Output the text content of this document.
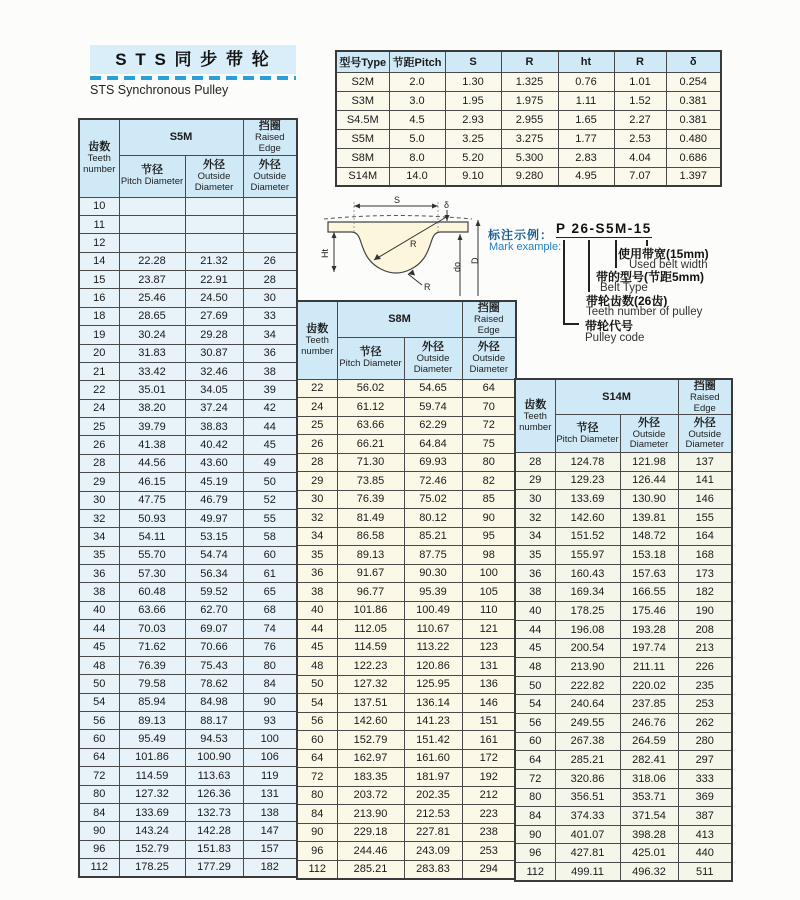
S T S 同 步 带 轮
STS Synchronous Pulley
型号Type	节距Pitch	S	R	ht	R	δ
S2M	2.0	1.30	1.325	0.76	1.01	0.254
S3M	3.0	1.95	1.975	1.11	1.52	0.381
S4.5M	4.5	2.93	2.955	1.65	2.27	0.381
S5M	5.0	3.25	3.275	1.77	2.53	0.480
S8M	8.0	5.20	5.300	2.83	4.04	0.686
S14M	14.0	9.10	9.280	4.95	7.07	1.397
齿数
Teeth number	S5M		挡圈
Raised Edge

	节径
Pitch Diameter	外径
Outside Diameter	外径
Outside Diameter

10			
11			
12			
14	22.28	21.32	26
15	23.87	22.91	28
16	25.46	24.50	30
18	28.65	27.69	33
19	30.24	29.28	34
20	31.83	30.87	36
21	33.42	32.46	38
22	35.01	34.05	39
24	38.20	37.24	42
25	39.79	38.83	44
26	41.38	40.42	45
28	44.56	43.60	49
29	46.15	45.19	50
30	47.75	46.79	52
32	50.93	49.97	55
34	54.11	53.15	58
35	55.70	54.74	60
36	57.30	56.34	61
38	60.48	59.52	65
40	63.66	62.70	68
44	70.03	69.07	74
45	71.62	70.66	76
48	76.39	75.43	80
50	79.58	78.62	84
54	85.94	84.98	90
56	89.13	88.17	93
60	95.49	94.53	100
64	101.86	100.90	106
72	114.59	113.63	119
80	127.32	126.36	131
84	133.69	132.73	138
90	143.24	142.28	147
96	152.79	151.83	157
112	178.25	177.29	182
齿数
Teeth number	S8M		挡圈
Raised Edge

	节径
Pitch Diameter	外径
Outside Diameter	外径
Outside Diameter

22	56.02	54.65	64
24	61.12	59.74	70
25	63.66	62.29	72
26	66.21	64.84	75
28	71.30	69.93	80
29	73.85	72.46	82
30	76.39	75.02	85
32	81.49	80.12	90
34	86.58	85.21	95
35	89.13	87.75	98
36	91.67	90.30	100
38	96.77	95.39	105
40	101.86	100.49	110
44	112.05	110.67	121
45	114.59	113.22	123
48	122.23	120.86	131
50	127.32	125.95	136
54	137.51	136.14	146
56	142.60	141.23	151
60	152.79	151.42	161
64	162.97	161.60	172
72	183.35	181.97	192
80	203.72	202.35	212
84	213.90	212.53	223
90	229.18	227.81	238
96	244.46	243.09	253
112	285.21	283.83	294
齿数
Teeth number	S14M		挡圈
Raised Edge

	节径
Pitch Diameter	外径
Outside Diameter	外径
Outside Diameter

28	124.78	121.98	137
29	129.23	126.44	141
30	133.69	130.90	146
32	142.60	139.81	155
34	151.52	148.72	164
35	155.97	153.18	168
36	160.43	157.63	173
38	169.34	166.55	182
40	178.25	175.46	190
44	196.08	193.28	208
45	200.54	197.74	213
48	213.90	211.11	226
50	222.82	220.02	235
54	240.64	237.85	253
56	249.55	246.76	262
60	267.38	264.59	280
64	285.21	282.41	297
72	320.86	318.06	333
80	356.51	353.71	369
84	374.33	371.54	387
90	401.07	398.28	413
96	427.81	425.01	440
112	499.11	496.32	511
S	δ
R
Ht
R
do
D
标注示例：
Mark example:
P 26-S5M-15
使用带宽(15mm)
Used belt width
带的型号(节距5mm)
Belt Type
带轮齿数(26齿)
Teeth number of pulley
带轮代号
Pulley code
